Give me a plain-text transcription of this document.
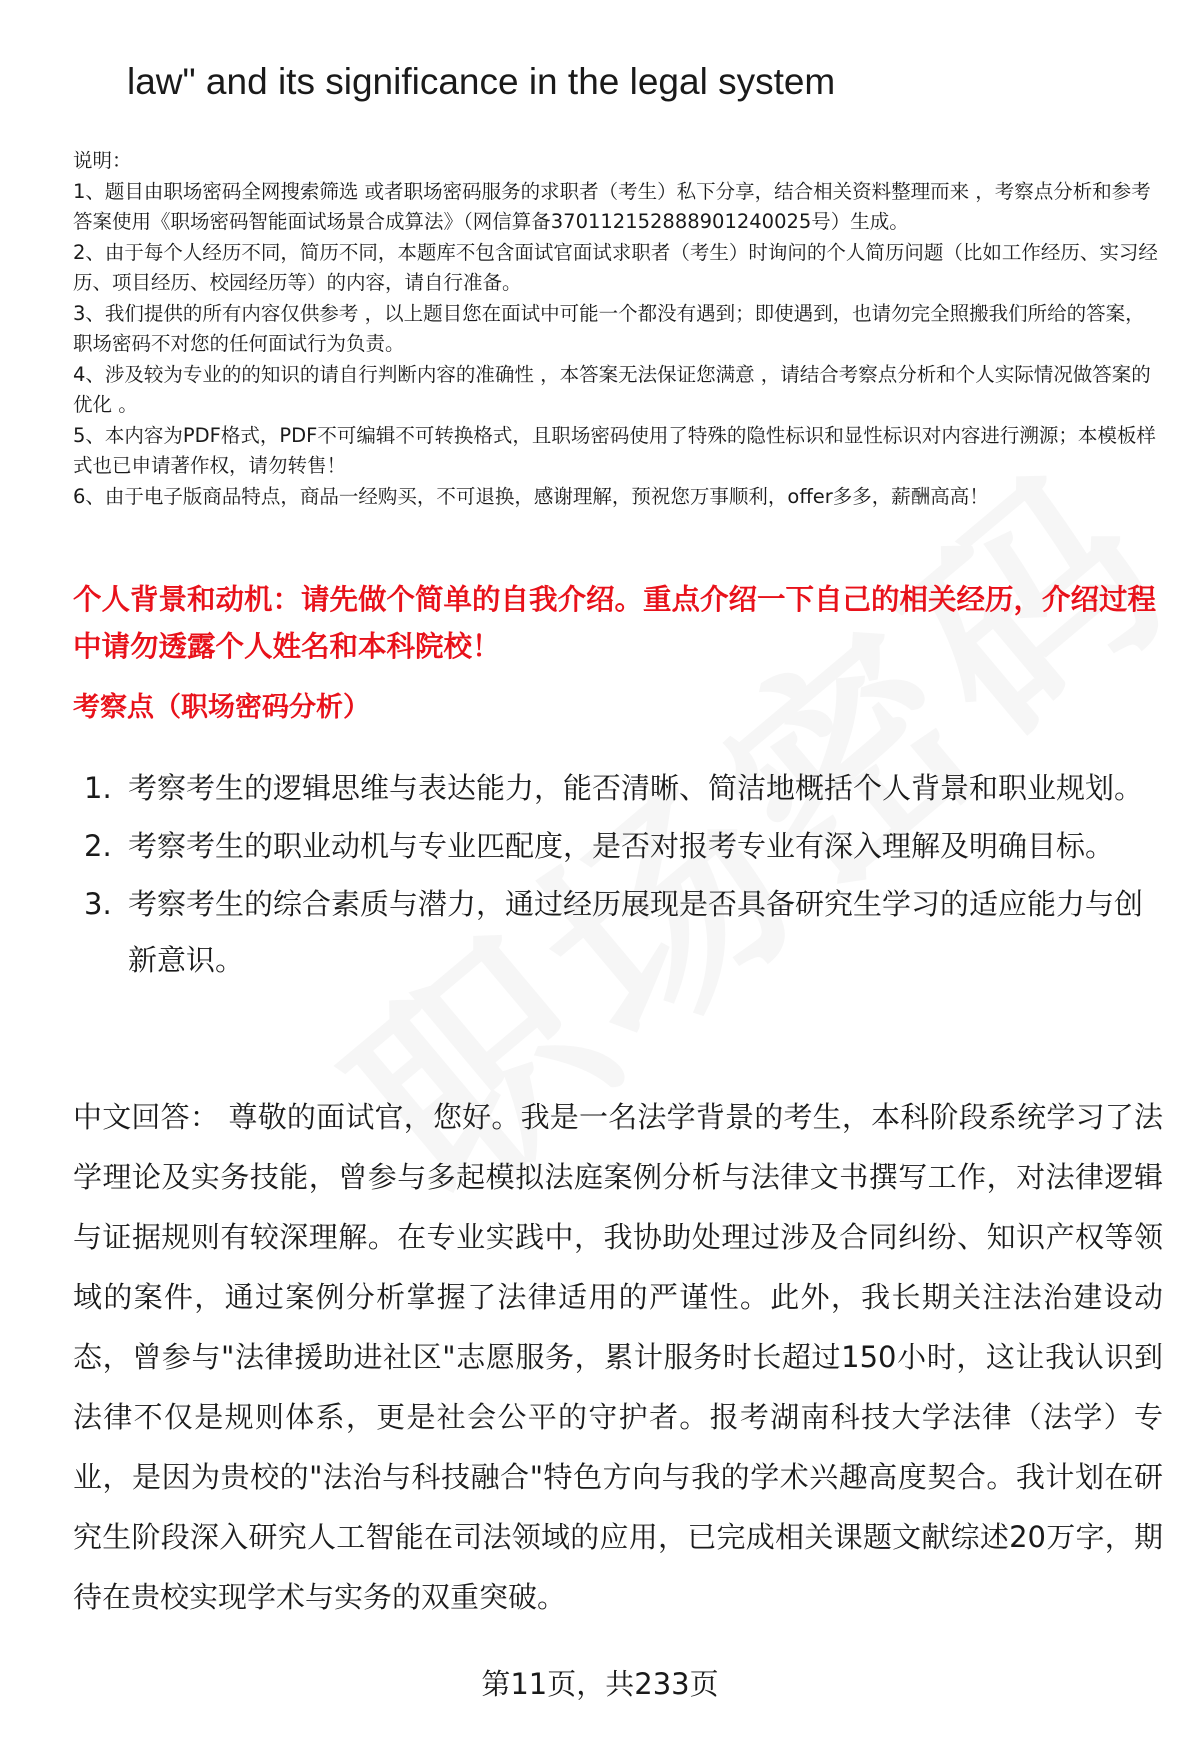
law" and its significance in the legal system

说明：

1、题目由职场密码全网搜索筛选 或者职场密码服务的求职者（考生）私下分享，结合相关资料整理而来 ，考察点分析和参考答案使用《职场密码智能面试场景合成算法》（网信算备370112152888901240025号）生成。

2、由于每个人经历不同，简历不同，本题库不包含面试官面试求职者（考生）时询问的个人简历问题（比如工作经历、实习经历、项目经历、校园经历等）的内容，请自行准备。

3、我们提供的所有内容仅供参考 ，以上题目您在面试中可能一个都没有遇到；即使遇到，也请勿完全照搬我们所给的答案，职场密码不对您的任何面试行为负责。

4、涉及较为专业的的知识的请自行判断内容的准确性 ，本答案无法保证您满意 ，请结合考察点分析和个人实际情况做答案的优化 。

5、本内容为PDF格式，PDF不可编辑不可转换格式，且职场密码使用了特殊的隐性标识和显性标识对内容进行溯源；本模板样式也已申请著作权，请勿转售！

6、由于电子版商品特点，商品一经购买，不可退换，感谢理解，预祝您万事顺利，offer多多，薪酬高高！

个人背景和动机：请先做个简单的自我介绍。重点介绍一下自己的相关经历，介绍过程中请勿透露个人姓名和本科院校！

考察点（职场密码分析）
1. 考察考生的逻辑思维与表达能力，能否清晰、简洁地概括个人背景和职业规划。
2. 考察考生的职业动机与专业匹配度，是否对报考专业有深入理解及明确目标。
3. 考察考生的综合素质与潜力，通过经历展现是否具备研究生学习的适应能力与创新意识。

中文回答： 尊敬的面试官，您好。我是一名法学背景的考生，本科阶段系统学习了法学理论及实务技能，曾参与多起模拟法庭案例分析与法律文书撰写工作，对法律逻辑与证据规则有较深理解。在专业实践中，我协助处理过涉及合同纠纷、知识产权等领域的案件，通过案例分析掌握了法律适用的严谨性。此外，我长期关注法治建设动态，曾参与"法律援助进社区"志愿服务，累计服务时长超过150小时，这让我认识到法律不仅是规则体系，更是社会公平的守护者。报考湖南科技大学法律（法学）专业，是因为贵校的"法治与科技融合"特色方向与我的学术兴趣高度契合。我计划在研究生阶段深入研究人工智能在司法领域的应用，已完成相关课题文献综述20万字，期待在贵校实现学术与实务的双重突破。

第11页，共233页
